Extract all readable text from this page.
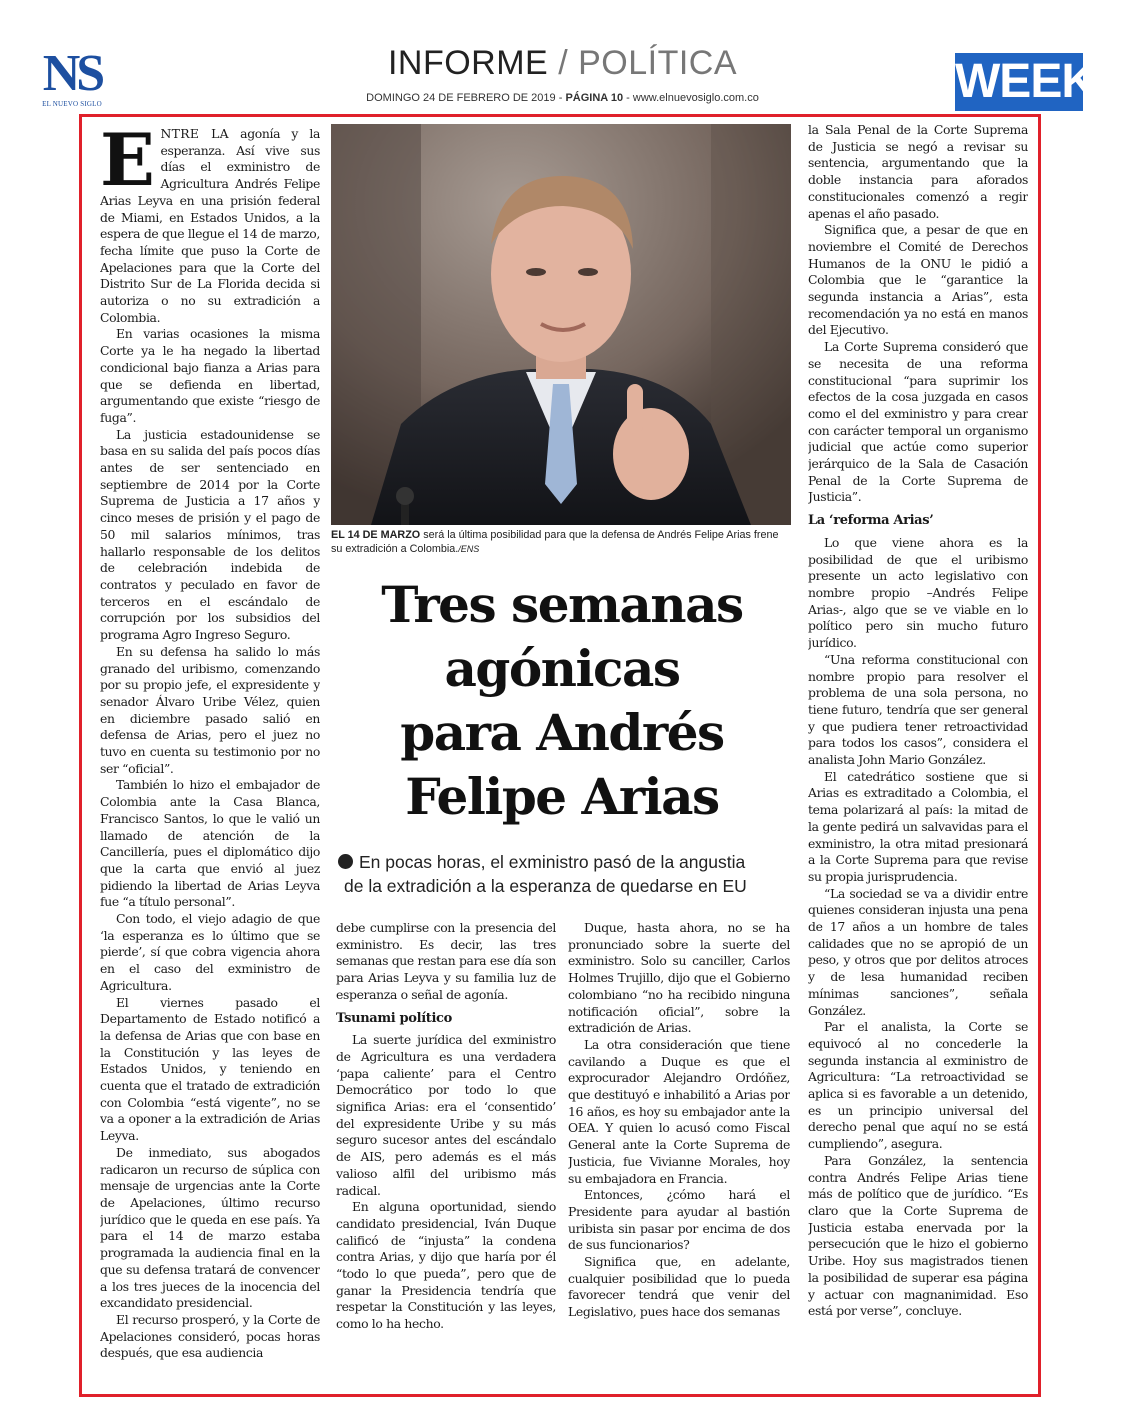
NS
EL NUEVO SIGLO
INFORME / POLÍTICA
DOMINGO 24 DE FEBRERO DE 2019 - PÁGINA 10 - www.elnuevosiglo.com.co	WEEK

ENTRE LA agonía y la esperanza. Así vive sus días el exministro de Agricultura Andrés Felipe Arias Leyva en una prisión federal de Miami, en Estados Unidos, a la espera de que llegue el 14 de marzo, fecha límite que puso la Corte de Apelaciones para que la Corte del Distrito Sur de La Florida decida si autoriza o no su extradición a Colombia.

En varias ocasiones la misma Corte ya le ha negado la libertad condicional bajo fianza a Arias para que se defienda en libertad, argumentando que existe “riesgo de fuga”.

La justicia estadounidense se basa en su salida del país pocos días antes de ser sentenciado en septiembre de 2014 por la Corte Suprema de Justicia a 17 años y cinco meses de prisión y el pago de 50 mil salarios mínimos, tras hallarlo responsable de los delitos de celebración indebida de contratos y peculado en favor de terceros en el escándalo de corrupción por los subsidios del programa Agro Ingreso Seguro.

En su defensa ha salido lo más granado del uribismo, comenzando por su propio jefe, el expresidente y senador Álvaro Uribe Vélez, quien en diciembre pasado salió en defensa de Arias, pero el juez no tuvo en cuenta su testimonio por no ser “oficial”.

También lo hizo el embajador de Colombia ante la Casa Blanca, Francisco Santos, lo que le valió un llamado de atención de la Cancillería, pues el diplomático dijo que la carta que envió al juez pidiendo la libertad de Arias Leyva fue “a título personal”.

Con todo, el viejo adagio de que ‘la esperanza es lo último que se pierde’, sí que cobra vigencia ahora en el caso del exministro de Agricultura.

El viernes pasado el Departamento de Estado notificó a la defensa de Arias que con base en la Constitución y las leyes de Estados Unidos, y teniendo en cuenta que el tratado de extradición con Colombia “está vigente”, no se va a oponer a la extradición de Arias Leyva.

De inmediato, sus abogados radicaron un recurso de súplica con mensaje de urgencias ante la Corte de Apelaciones, último recurso jurídico que le queda en ese país. Ya para el 14 de marzo estaba programada la audiencia final en la que su defensa tratará de convencer a los tres jueces de la inocencia del excandidato presidencial.

El recurso prosperó, y la Corte de Apelaciones consideró, pocas horas después, que esa audiencia

EL 14 DE MARZO será la última posibilidad para que la defensa de Andrés Felipe Arias frene su extradición a Colombia./ENS
Tres semanas
agónicas
para Andrés
Felipe Arias
En pocas horas, el exministro pasó de la angustia
de la extradición a la esperanza de quedarse en EU

debe cumplirse con la presencia del exministro. Es decir, las tres semanas que restan para ese día son para Arias Leyva y su familia luz de esperanza o señal de agonía.

Tsunami político

La suerte jurídica del exministro de Agricultura es una verdadera ‘papa caliente’ para el Centro Democrático por todo lo que significa Arias: era el ‘consentido’ del expresidente Uribe y su más seguro sucesor antes del escándalo de AIS, pero además es el más valioso alfil del uribismo más radical.

En alguna oportunidad, siendo candidato presidencial, Iván Duque calificó de “injusta” la condena contra Arias, y dijo que haría por él “todo lo que pueda”, pero que de ganar la Presidencia tendría que respetar la Constitución y las leyes, como lo ha hecho.

Duque, hasta ahora, no se ha pronunciado sobre la suerte del exministro. Solo su canciller, Carlos Holmes Trujillo, dijo que el Gobierno colombiano “no ha recibido ninguna notificación oficial”, sobre la extradición de Arias.

La otra consideración que tiene cavilando a Duque es que el exprocurador Alejandro Ordóñez, que destituyó e inhabilitó a Arias por 16 años, es hoy su embajador ante la OEA. Y quien lo acusó como Fiscal General ante la Corte Suprema de Justicia, fue Vivianne Morales, hoy su embajadora en Francia.

Entonces, ¿cómo hará el Presidente para ayudar al bastión uribista sin pasar por encima de dos de sus funcionarios?

Significa que, en adelante, cualquier posibilidad que lo pueda favorecer tendrá que venir del Legislativo, pues hace dos semanas

la Sala Penal de la Corte Suprema de Justicia se negó a revisar su sentencia, argumentando que la doble instancia para aforados constitucionales comenzó a regir apenas el año pasado.

Significa que, a pesar de que en noviembre el Comité de Derechos Humanos de la ONU le pidió a Colombia que le “garantice la segunda instancia a Arias”, esta recomendación ya no está en manos del Ejecutivo.

La Corte Suprema consideró que se necesita de una reforma constitucional “para suprimir los efectos de la cosa juzgada en casos como el del exministro y para crear con carácter temporal un organismo judicial que actúe como superior jerárquico de la Sala de Casación Penal de la Corte Suprema de Justicia”.

La ‘reforma Arias’

Lo que viene ahora es la posibilidad de que el uribismo presente un acto legislativo con nombre propio –Andrés Felipe Arias-, algo que se ve viable en lo político pero sin mucho futuro jurídico.

“Una reforma constitucional con nombre propio para resolver el problema de una sola persona, no tiene futuro, tendría que ser general y que pudiera tener retroactividad para todos los casos”, considera el analista John Mario González.

El catedrático sostiene que si Arias es extraditado a Colombia, el tema polarizará al país: la mitad de la gente pedirá un salvavidas para el exministro, la otra mitad presionará a la Corte Suprema para que revise su propia jurisprudencia.

“La sociedad se va a dividir entre quienes consideran injusta una pena de 17 años a un hombre de tales calidades que no se apropió de un peso, y otros que por delitos atroces y de lesa humanidad reciben mínimas sanciones”, señala González.

Par el analista, la Corte se equivocó al no concederle la segunda instancia al exministro de Agricultura: “La retroactividad se aplica si es favorable a un detenido, es un principio universal del derecho penal que aquí no se está cumpliendo”, asegura.

Para González, la sentencia contra Andrés Felipe Arias tiene más de político que de jurídico. “Es claro que la Corte Suprema de Justicia estaba enervada por la persecución que le hizo el gobierno Uribe. Hoy sus magistrados tienen la posibilidad de superar esa página y actuar con magnanimidad. Eso está por verse”, concluye.
